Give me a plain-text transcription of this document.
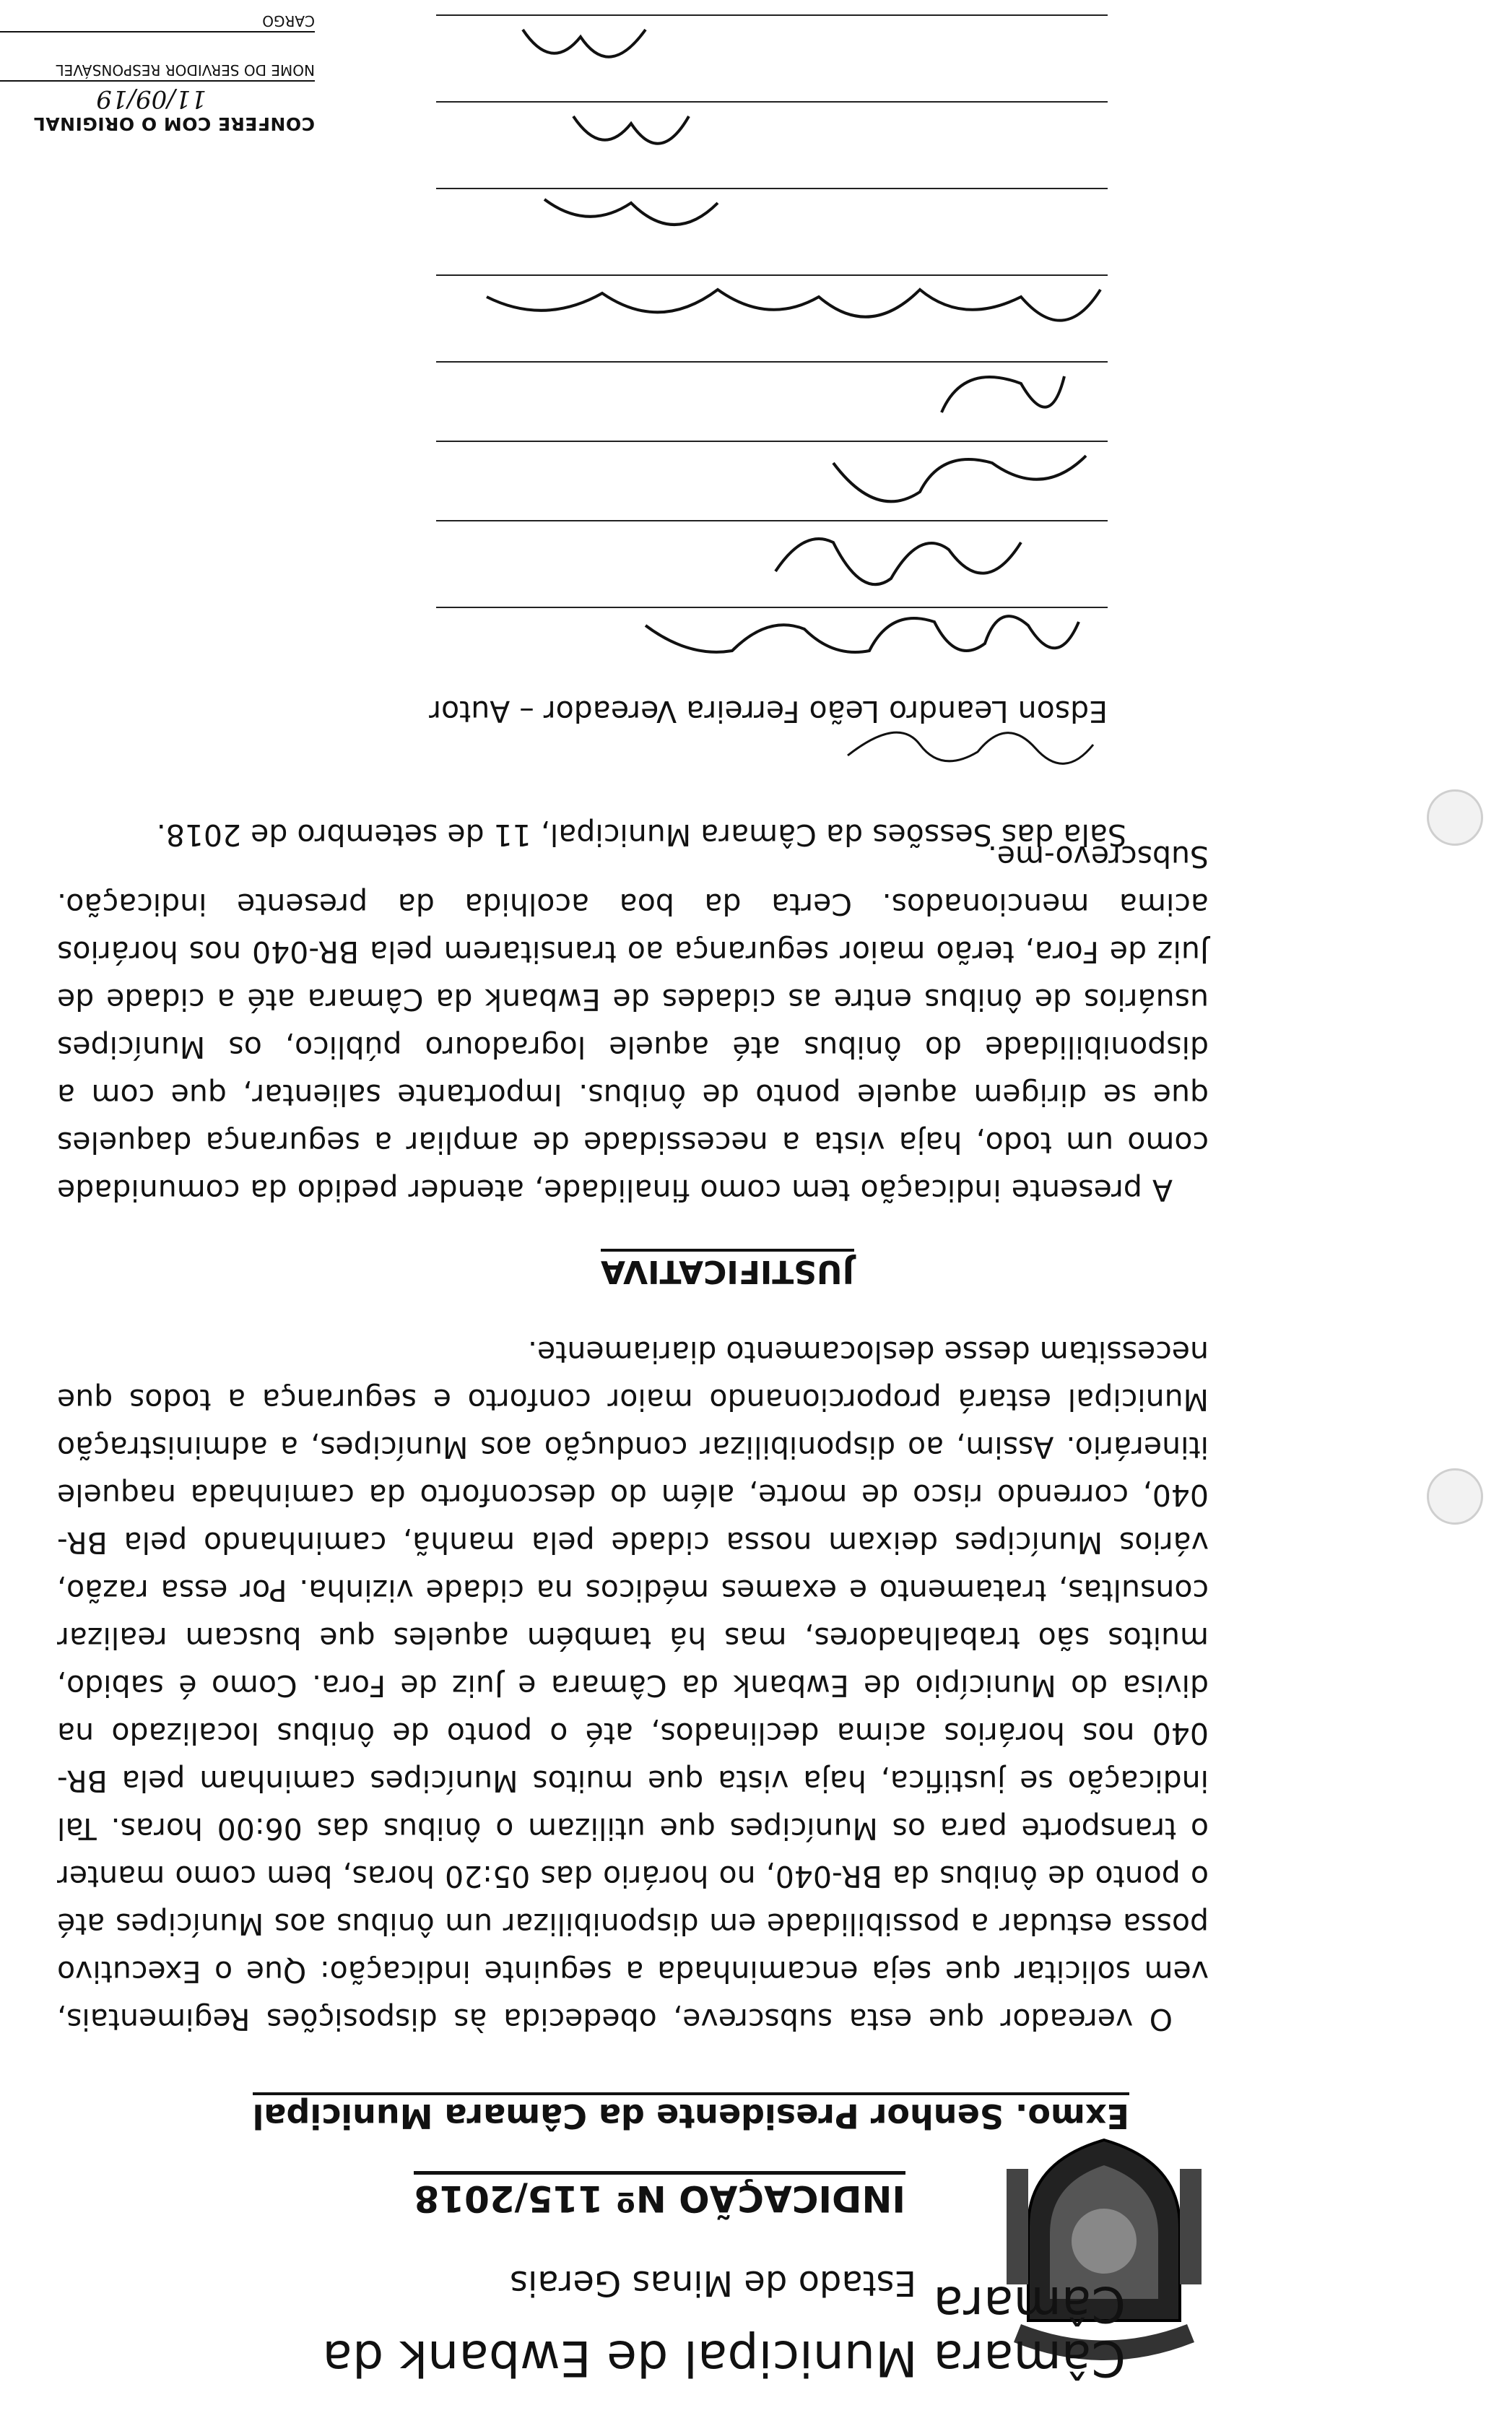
Câmara Municipal de Ewbank da Câmara
Estado de Minas Gerais
INDICAÇÃO Nº 115/2018
Exmo. Senhor Presidente da Câmara Municipal
O vereador que esta subscreve, obedecida às disposições Regimentais, vem solicitar que seja encaminhada a seguinte indicação: Que o Executivo possa estudar a possibilidade em disponibilizar um ônibus aos Munícipes até o ponto de ônibus da BR-040, no horário das 05:20 horas, bem como manter o transporte para os Munícipes que utilizam o ônibus das 06:00 horas. Tal indicação se justifica, haja vista que muitos Munícipes caminham pela BR-040 nos horários acima declinados, até o ponto de ônibus localizado na divisa do Município de Ewbank da Câmara e Juiz de Fora. Como é sabido, muitos são trabalhadores, mas há também aqueles que buscam realizar consultas, tratamento e exames médicos na cidade vizinha. Por essa razão, vários Munícipes deixam nossa cidade pela manhã, caminhando pela BR-040, correndo risco de morte, além do desconforto da caminhada naquele itinerário. Assim, ao disponibilizar condução aos Munícipes, a administração Municipal estará proporcionando maior conforto e segurança a todos que necessitam desse deslocamento diariamente.
JUSTIFICATIVA
A presente indicação tem como finalidade, atender pedido da comunidade como um todo, haja vista a necessidade de ampliar a segurança daqueles que se dirigem aquele ponto de ônibus. Importante salientar, que com a disponibilidade do ônibus até aquele logradouro público, os Munícipes usuários de ônibus entre as cidades de Ewbank da Câmara até a cidade de Juiz de Fora, terão maior segurança ao transitarem pela BR-040 nos horários acima mencionados. Certa da boa acolhida da presente indicação. Subscrevo-me.
Sala das Sessões da Câmara Municipal, 11 de setembro de 2018.
Edson Leandro Leão Ferreira Vereador – Autor
CONFERE COM O ORIGINAL
11/09/19
NOME DO SERVIDOR RESPONSÁVEL
CARGO
